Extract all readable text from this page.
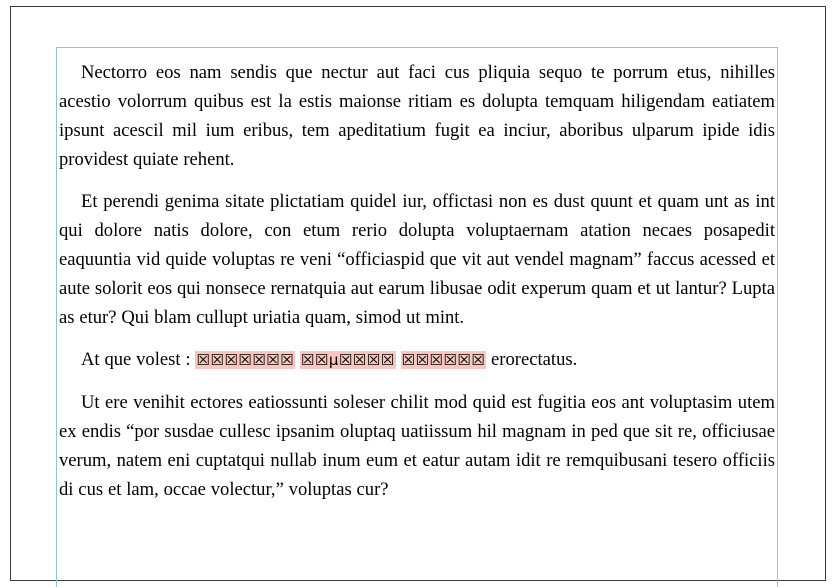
Nectorro eos nam sendis que nectur aut faci cus pliquia sequo te porrum etus, nihilles acestio volorrum quibus est la estis maionse ritiam es dolupta temquam hiligendam eatiatem ipsunt acescil mil ium eribus, tem apeditatium fugit ea inciur, aboribus ulparum ipide idis providest quiate rehent.

Et perendi genima sitate plictatiam quidel iur, offictasi non es dust quunt et quam unt as int qui dolore natis dolore, con etum rerio dolupta voluptaernam atation necaes posapedit eaquuntia vid quide voluptas re veni “officiaspid que vit aut vendel magnam” faccus acessed et aute solorit eos qui nonsece rernatquia aut earum libusae odit experum quam et ut lantur? Lupta as etur? Qui blam cullupt uriatia quam, simod ut mint.

At que volest : ☒☒☒☒☒☒☒ ☒☒μ☒☒☒☒ ☒☒☒☒☒☒ erorectatus.

Ut ere venihit ectores eatiossunti soleser chilit mod quid est fugitia eos ant voluptasim utem ex endis “por susdae cullesc ipsanim oluptaq uatiissum hil magnam in ped que sit re, officiusae verum, natem eni cuptatqui nullab inum eum et eatur autam idit re remquibusani tesero officiis di cus et lam, occae volectur,” voluptas cur?
